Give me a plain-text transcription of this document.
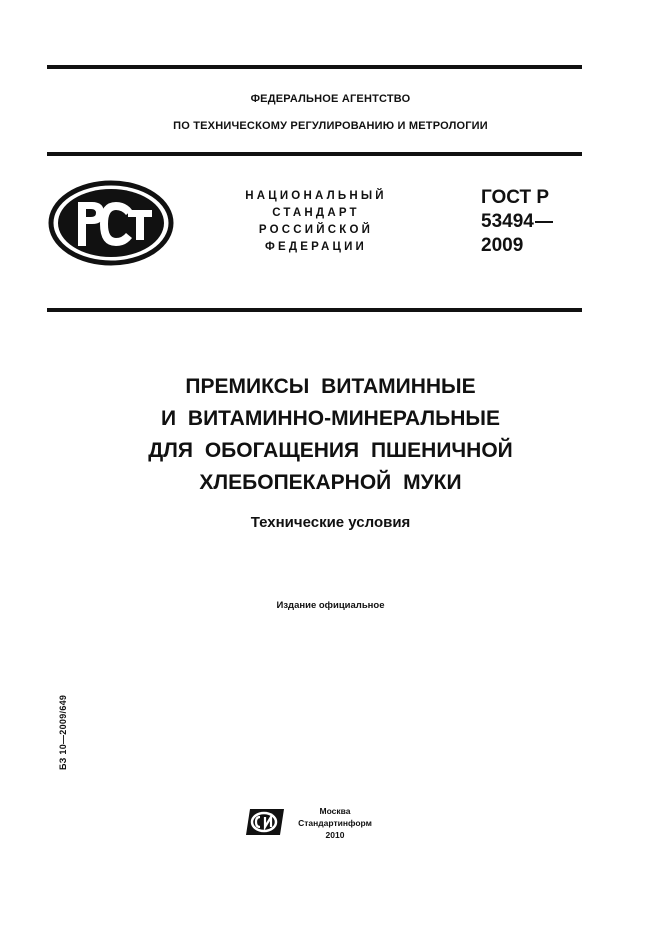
ФЕДЕРАЛЬНОЕ АГЕНТСТВО
ПО ТЕХНИЧЕСКОМУ РЕГУЛИРОВАНИЮ И МЕТРОЛОГИИ
НАЦИОНАЛЬНЫЙ
СТАНДАРТ
РОССИЙСКОЙ
ФЕДЕРАЦИИ
ГОСТ Р
53494
2009
ПРЕМИКСЫ ВИТАМИННЫЕ
И ВИТАМИННО-МИНЕРАЛЬНЫЕ
ДЛЯ ОБОГАЩЕНИЯ ПШЕНИЧНОЙ
ХЛЕБОПЕКАРНОЙ МУКИ
Технические условия
Издание официальное
БЗ 10—2009/649
Москва
Стандартинформ
2010
